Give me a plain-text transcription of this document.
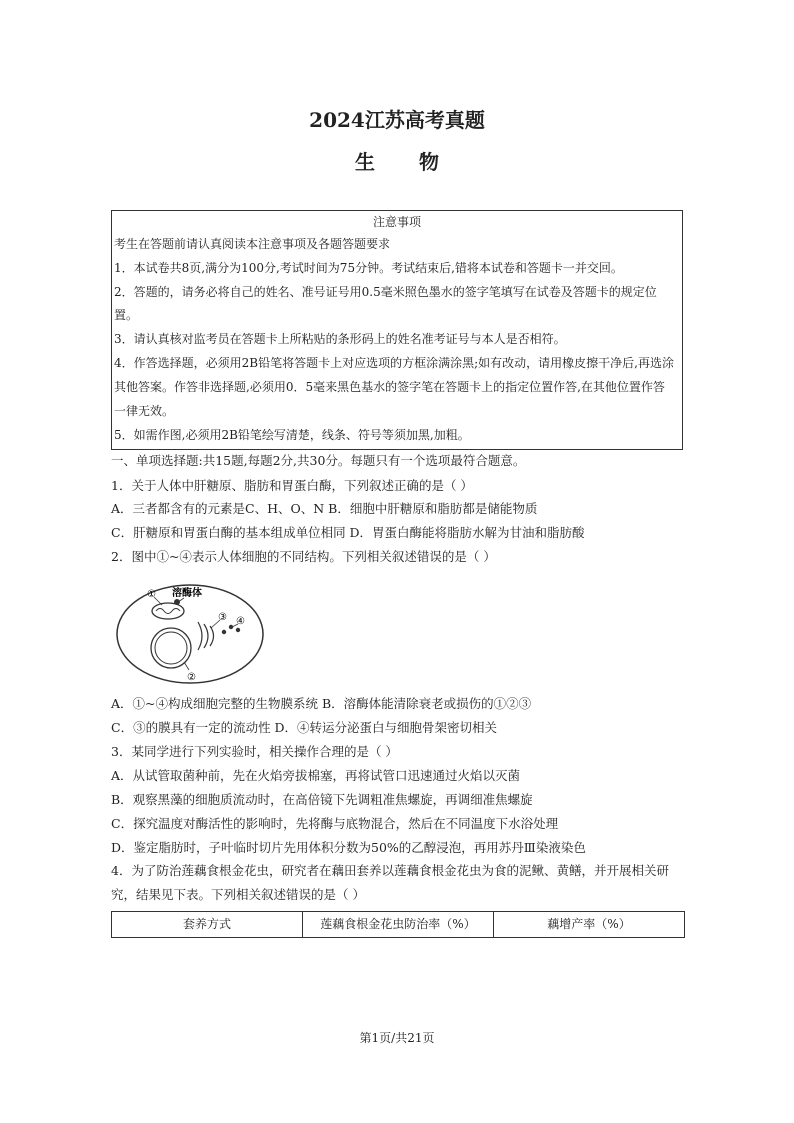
2024江苏高考真题
生 物
注意事项
考生在答题前请认真阅读本注意事项及各题答题要求
1．本试卷共8页,满分为100分,考试时间为75分钟。考试结束后,错将本试卷和答题卡一并交回。
2．答题的，请务必将自己的姓名、准号证号用0.5毫米照色墨水的签字笔填写在试卷及答题卡的规定位
置。
3．请认真核对监考员在答题卡上所粘贴的条形码上的姓名准考证号与本人是否相符。
4．作答选择题，必须用2B铅笔将答题卡上对应选项的方框涂满涂黑;如有改动，请用橡皮擦干净后,再选涂
其他答案。作答非选择题,必须用0．5毫来黑色基水的签字笔在答题卡上的指定位置作答,在其他位置作答
一律无效。
5．如需作图,必须用2B铅笔绘写清楚，线条、符号等须加黑,加粗。
一、单项选择题:共15题,每题2分,共30分。每题只有一个选项最符合题意。
1．关于人体中肝糖原、脂肪和胃蛋白酶，下列叙述正确的是（ ）
A．三者都含有的元素是C、H、O、N B．细胞中肝糖原和脂肪都是储能物质
C．肝糖原和胃蛋白酶的基本组成单位相同 D．胃蛋白酶能将脂肪水解为甘油和脂肪酸
2．图中①~④表示人体细胞的不同结构。下列相关叙述错误的是（ ）
① 溶酶体
③ ④
②
A．①~④构成细胞完整的生物膜系统 B．溶酶体能清除衰老或损伤的①②③
C．③的膜具有一定的流动性 D．④转运分泌蛋白与细胞骨架密切相关
3．某同学进行下列实验时，相关操作合理的是（ ）
A．从试管取菌种前，先在火焰旁拔棉塞，再将试管口迅速通过火焰以灭菌
B．观察黑藻的细胞质流动时，在高倍镜下先调粗准焦螺旋，再调细准焦螺旋
C．探究温度对酶活性的影响时，先将酶与底物混合，然后在不同温度下水浴处理
D．鉴定脂肪时，子叶临时切片先用体积分数为50%的乙醇浸泡，再用苏丹Ⅲ染液染色
4．为了防治莲藕食根金花虫，研究者在藕田套养以莲藕食根金花虫为食的泥鳅、黄鳝，并开展相关研究，结果见下表。下列相关叙述错误的是（ ）
套养方式	莲藕食根金花虫防治率（%）	藕增产率（%）
第1页/共21页
